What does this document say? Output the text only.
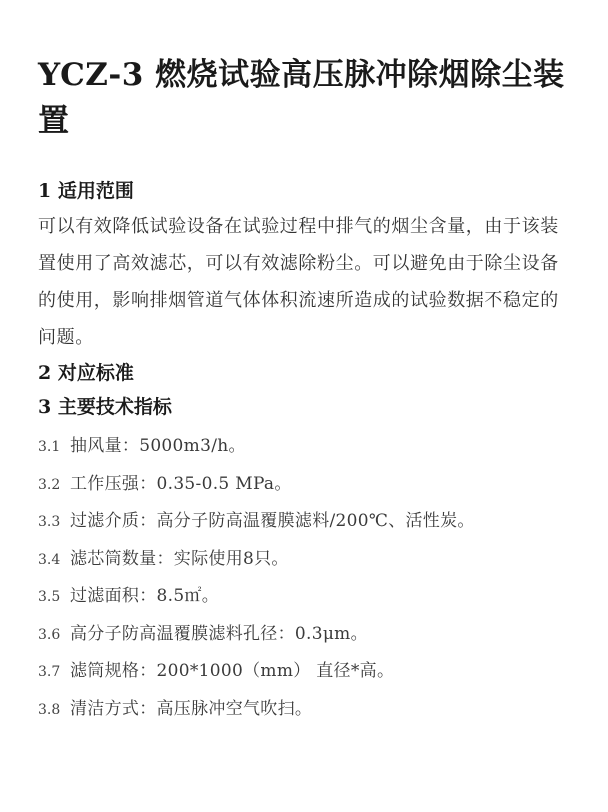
YCZ-3 燃烧试验高压脉冲除烟除尘装置
1 适用范围

可以有效降低试验设备在试验过程中排气的烟尘含量，由于该装置使用了高效滤芯，可以有效滤除粉尘。可以避免由于除尘设备的使用，影响排烟管道气体体积流速所造成的试验数据不稳定的问题。

2 对应标准
3 主要技术指标
3.1 抽风量：5000m3/h。
3.2 工作压强：0.35-0.5 MPa。
3.3 过滤介质：高分子防高温覆膜滤料/200℃、活性炭。
3.4 滤芯筒数量：实际使用8只。
3.5 过滤面积：8.5㎡。
3.6 高分子防高温覆膜滤料孔径：0.3μm。
3.7 滤筒规格：200*1000（mm） 直径*高。
3.8 清洁方式：高压脉冲空气吹扫。
